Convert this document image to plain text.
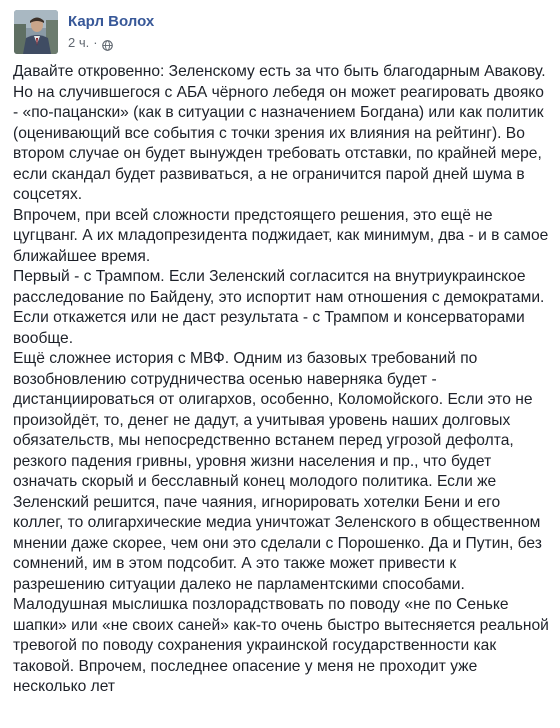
Карл Волох
2 ч. ·

Давайте откровенно: Зеленскому есть за что быть благодарным Авакову. Но на случившегося с АБА чёрного лебедя он может реагировать двояко - «по-пацански» (как в ситуации с назначением Богдана) или как политик (оценивающий все события с точки зрения их влияния на рейтинг). Во втором случае он будет вынужден требовать отставки, по крайней мере, если скандал будет развиваться, а не ограничится парой дней шума в соцсетях.

Впрочем, при всей сложности предстоящего решения, это ещё не цугцванг. А их младопрезидента поджидает, как минимум, два - и в самое ближайшее время.

Первый - с Трампом. Если Зеленский согласится на внутриукраинское расследование по Байдену, это испортит нам отношения с демократами.

Если откажется или не даст результата - с Трампом и консерваторами вообще.

Ещё сложнее история с МВФ. Одним из базовых требований по возобновлению сотрудничества осенью наверняка будет - дистанциироваться от олигархов, особенно, Коломойского. Если это не произойдёт, то, денег не дадут, а учитывая уровень наших долговых обязательств, мы непосредственно встанем перед угрозой дефолта, резкого падения гривны, уровня жизни населения и пр., что будет означать скорый и бесславный конец молодого политика. Если же Зеленский решится, паче чаяния, игнорировать хотелки Бени и его коллег, то олигархические медиа уничтожат Зеленского в общественном мнении даже скорее, чем они это сделали с Порошенко. Да и Путин, без сомнений, им в этом подсобит. А это также может привести к разрешению ситуации далеко не парламентскими способами.

Малодушная мыслишка позлорадствовать по поводу «не по Сеньке шапки» или «не своих саней» как-то очень быстро вытесняется реальной тревогой по поводу сохранения украинской государственности как таковой. Впрочем, последнее опасение у меня не проходит уже несколько лет
